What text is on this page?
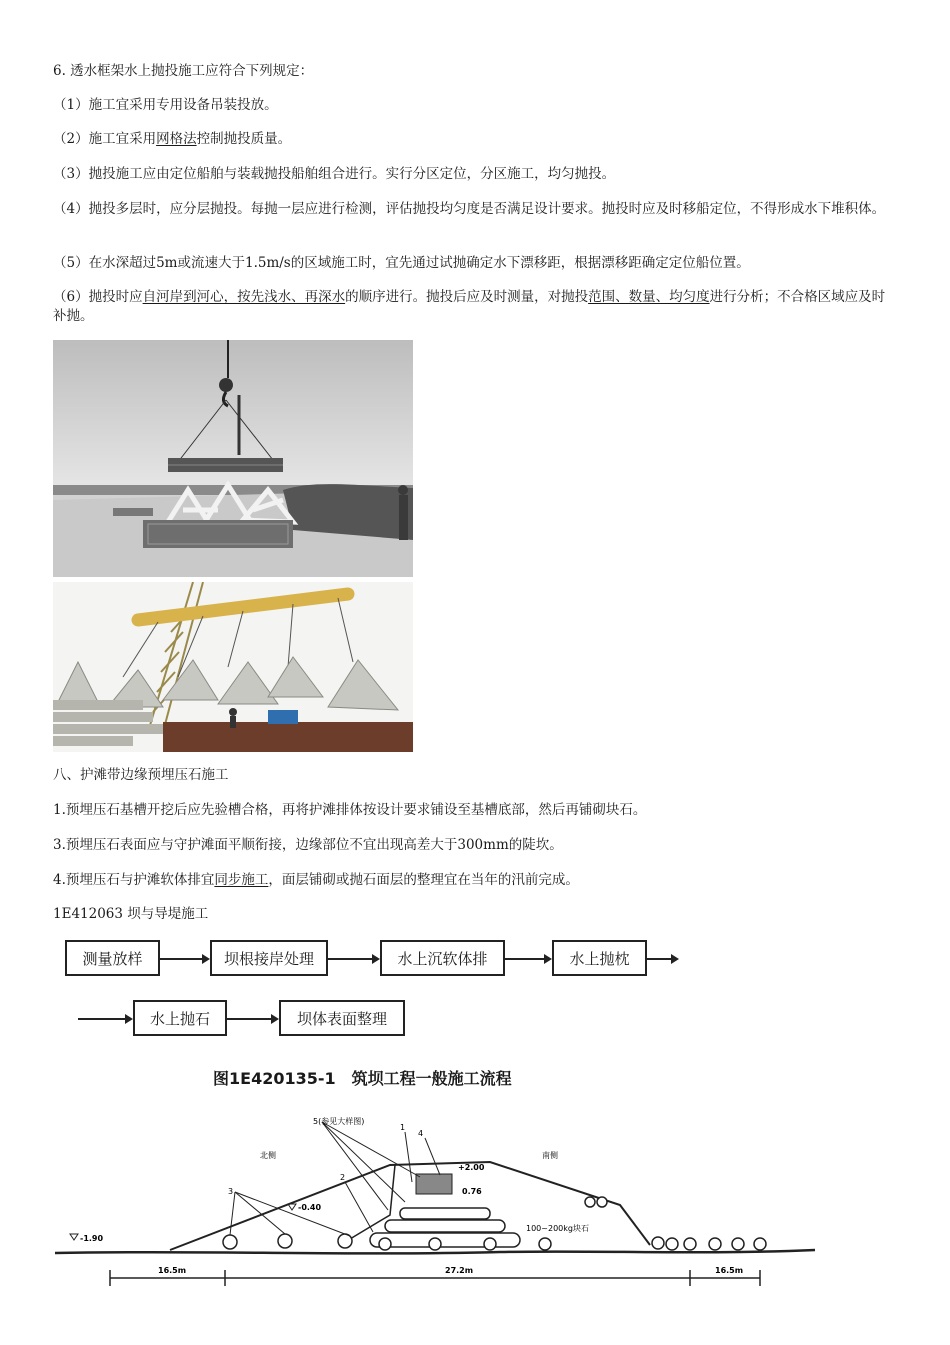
6. 透水框架水上抛投施工应符合下列规定：

（1）施工宜采用专用设备吊装投放。

（2）施工宜采用网格法控制抛投质量。

（3）抛投施工应由定位船舶与装载抛投船舶组合进行。实行分区定位，分区施工，均匀抛投。

（4）抛投多层时，应分层抛投。每抛一层应进行检测，评估抛投均匀度是否满足设计要求。抛投时应及时移船定位，不得形成水下堆积体。

（5）在水深超过5m或流速大于1.5m/s的区域施工时，宜先通过试抛确定水下漂移距，根据漂移距确定定位船位置。

（6）抛投时应自河岸到河心，按先浅水、再深水的顺序进行。抛投后应及时测量，对抛投范围、数量、均匀度进行分析；不合格区域应及时补抛。

八、护滩带边缘预埋压石施工

1.预埋压石基槽开挖后应先验槽合格，再将护滩排体按设计要求铺设至基槽底部，然后再铺砌块石。

3.预埋压石表面应与守护滩面平顺衔接，边缘部位不宜出现高差大于300mm的陡坎。

4.预埋压石与护滩软体排宜同步施工，面层铺砌或抛石面层的整理宜在当年的汛前完成。

1E412063 坝与导堤施工

测量放样	坝根接岸处理	水上沉软体排	水上抛枕
水上抛石	坝体表面整理
图1E420135-1　筑坝工程一般施工流程
5(参见大样图)
1
4
2
3
北侧	南侧
+2.00
0.76
-0.40
-1.90
100~200kg块石
16.5m	27.2m	16.5m
